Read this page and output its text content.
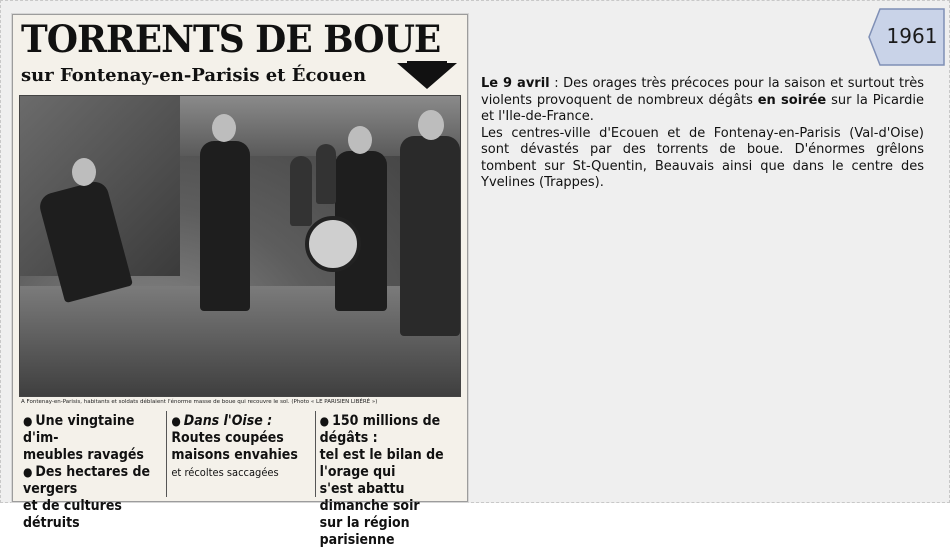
TORRENTS DE BOUE
sur Fontenay-en-Parisis et Écouen
A Fontenay-en-Parisis, habitants et soldats déblaient l'énorme masse de boue qui recouvre le sol. (Photo « LE PARISIEN LIBÉRÉ »)
● Une vingtaine d'im-
meubles ravagés
● Des hectares de vergers
et de cultures détruits
● Dans l'Oise :
Routes coupées
maisons envahies
et récoltes saccagées
● 150 millions de dégâts :
tel est le bilan de l'orage qui
s'est abattu dimanche soir
sur la région parisienne
1961

Le 9 avril : Des orages très précoces pour la saison et surtout très violents provoquent de nombreux dégâts en soirée sur la Picardie et l'Ile-de-France.

Les centres-ville d'Ecouen et de Fontenay-en-Parisis (Val-d'Oise) sont dévastés par des torrents de boue. D'énormes grêlons tombent sur St-Quentin, Beauvais ainsi que dans le centre des Yvelines (Trappes).
